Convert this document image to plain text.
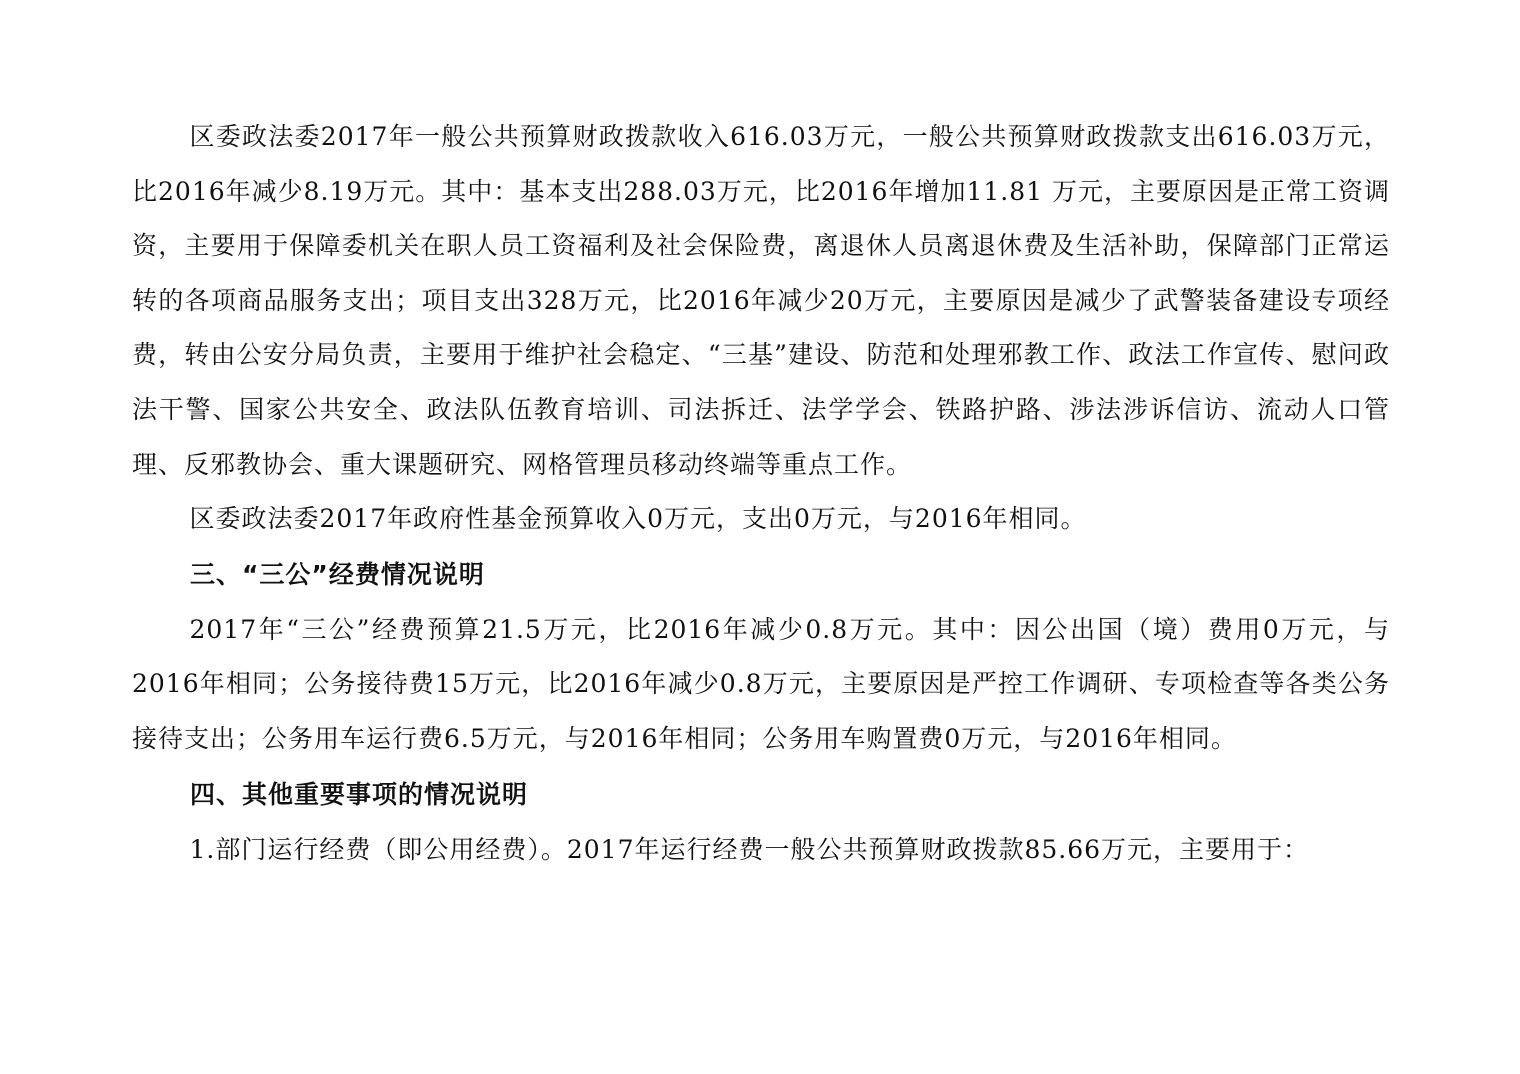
区委政法委2017年一般公共预算财政拨款收入616.03万元，一般公共预算财政拨款支出616.03万元，比2016年减少8.19万元。其中：基本支出288.03万元，比2016年增加11.81 万元，主要原因是正常工资调资，主要用于保障委机关在职人员工资福利及社会保险费，离退休人员离退休费及生活补助，保障部门正常运转的各项商品服务支出；项目支出328万元，比2016年减少20万元，主要原因是减少了武警装备建设专项经费，转由公安分局负责，主要用于维护社会稳定、“三基”建设、防范和处理邪教工作、政法工作宣传、慰问政法干警、国家公共安全、政法队伍教育培训、司法拆迁、法学学会、铁路护路、涉法涉诉信访、流动人口管理、反邪教协会、重大课题研究、网格管理员移动终端等重点工作。

区委政法委2017年政府性基金预算收入0万元，支出0万元，与2016年相同。

三、“三公”经费情况说明

2017年“三公”经费预算21.5万元，比2016年减少0.8万元。其中：因公出国（境）费用0万元，与2016年相同；公务接待费15万元，比2016年减少0.8万元，主要原因是严控工作调研、专项检查等各类公务接待支出；公务用车运行费6.5万元，与2016年相同；公务用车购置费0万元，与2016年相同。

四、其他重要事项的情况说明

1.部门运行经费（即公用经费）。2017年运行经费一般公共预算财政拨款85.66万元，主要用于：
